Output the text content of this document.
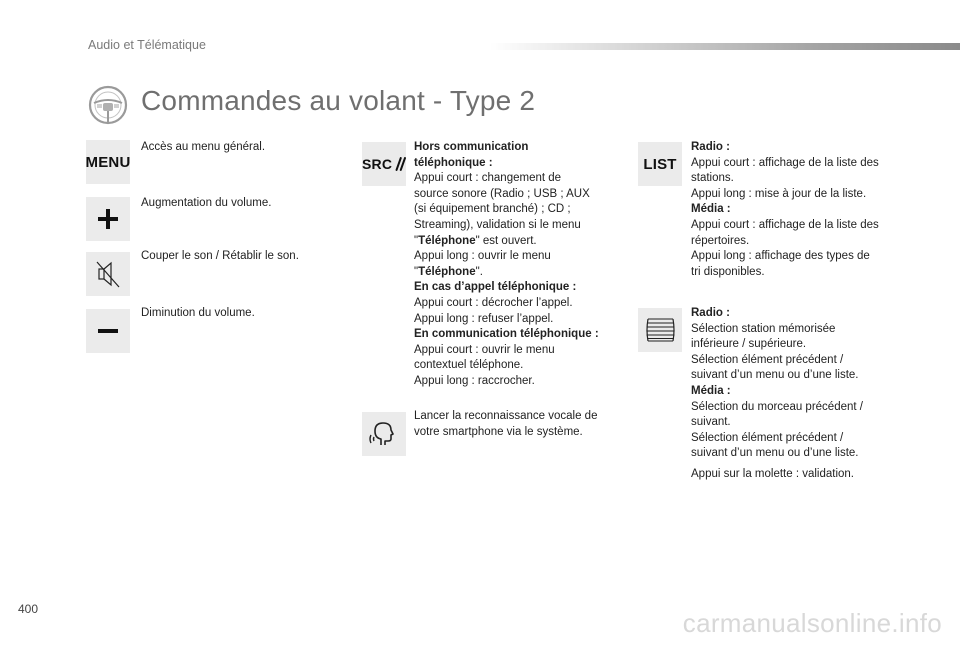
Audio et Télématique
Commandes au volant - Type 2
MENU
Accès au menu général.
Augmentation du volume.
Couper le son / Rétablir le son.
Diminution du volume.
SRC
Hors communication
téléphonique :
Appui court : changement de
source sonore (Radio ; USB ; AUX
(si équipement branché) ; CD ;
Streaming), validation si le menu
"Téléphone" est ouvert.
Appui long : ouvrir le menu
"Téléphone".
En cas d’appel téléphonique :
Appui court : décrocher l’appel.
Appui long : refuser l’appel.
En communication téléphonique :
Appui court : ouvrir le menu
contextuel téléphone.
Appui long : raccrocher.
Lancer la reconnaissance vocale de
votre smartphone via le système.
LIST
Radio :
Appui court : affichage de la liste des
stations.
Appui long : mise à jour de la liste.
Média :
Appui court : affichage de la liste des
répertoires.
Appui long : affichage des types de
tri disponibles.
Radio :
Sélection station mémorisée
inférieure / supérieure.
Sélection élément précédent /
suivant d’un menu ou d’une liste.
Média :
Sélection du morceau précédent /
suivant.
Sélection élément précédent /
suivant d’un menu ou d’une liste.
Appui sur la molette : validation.
400	carmanualsonline.info
